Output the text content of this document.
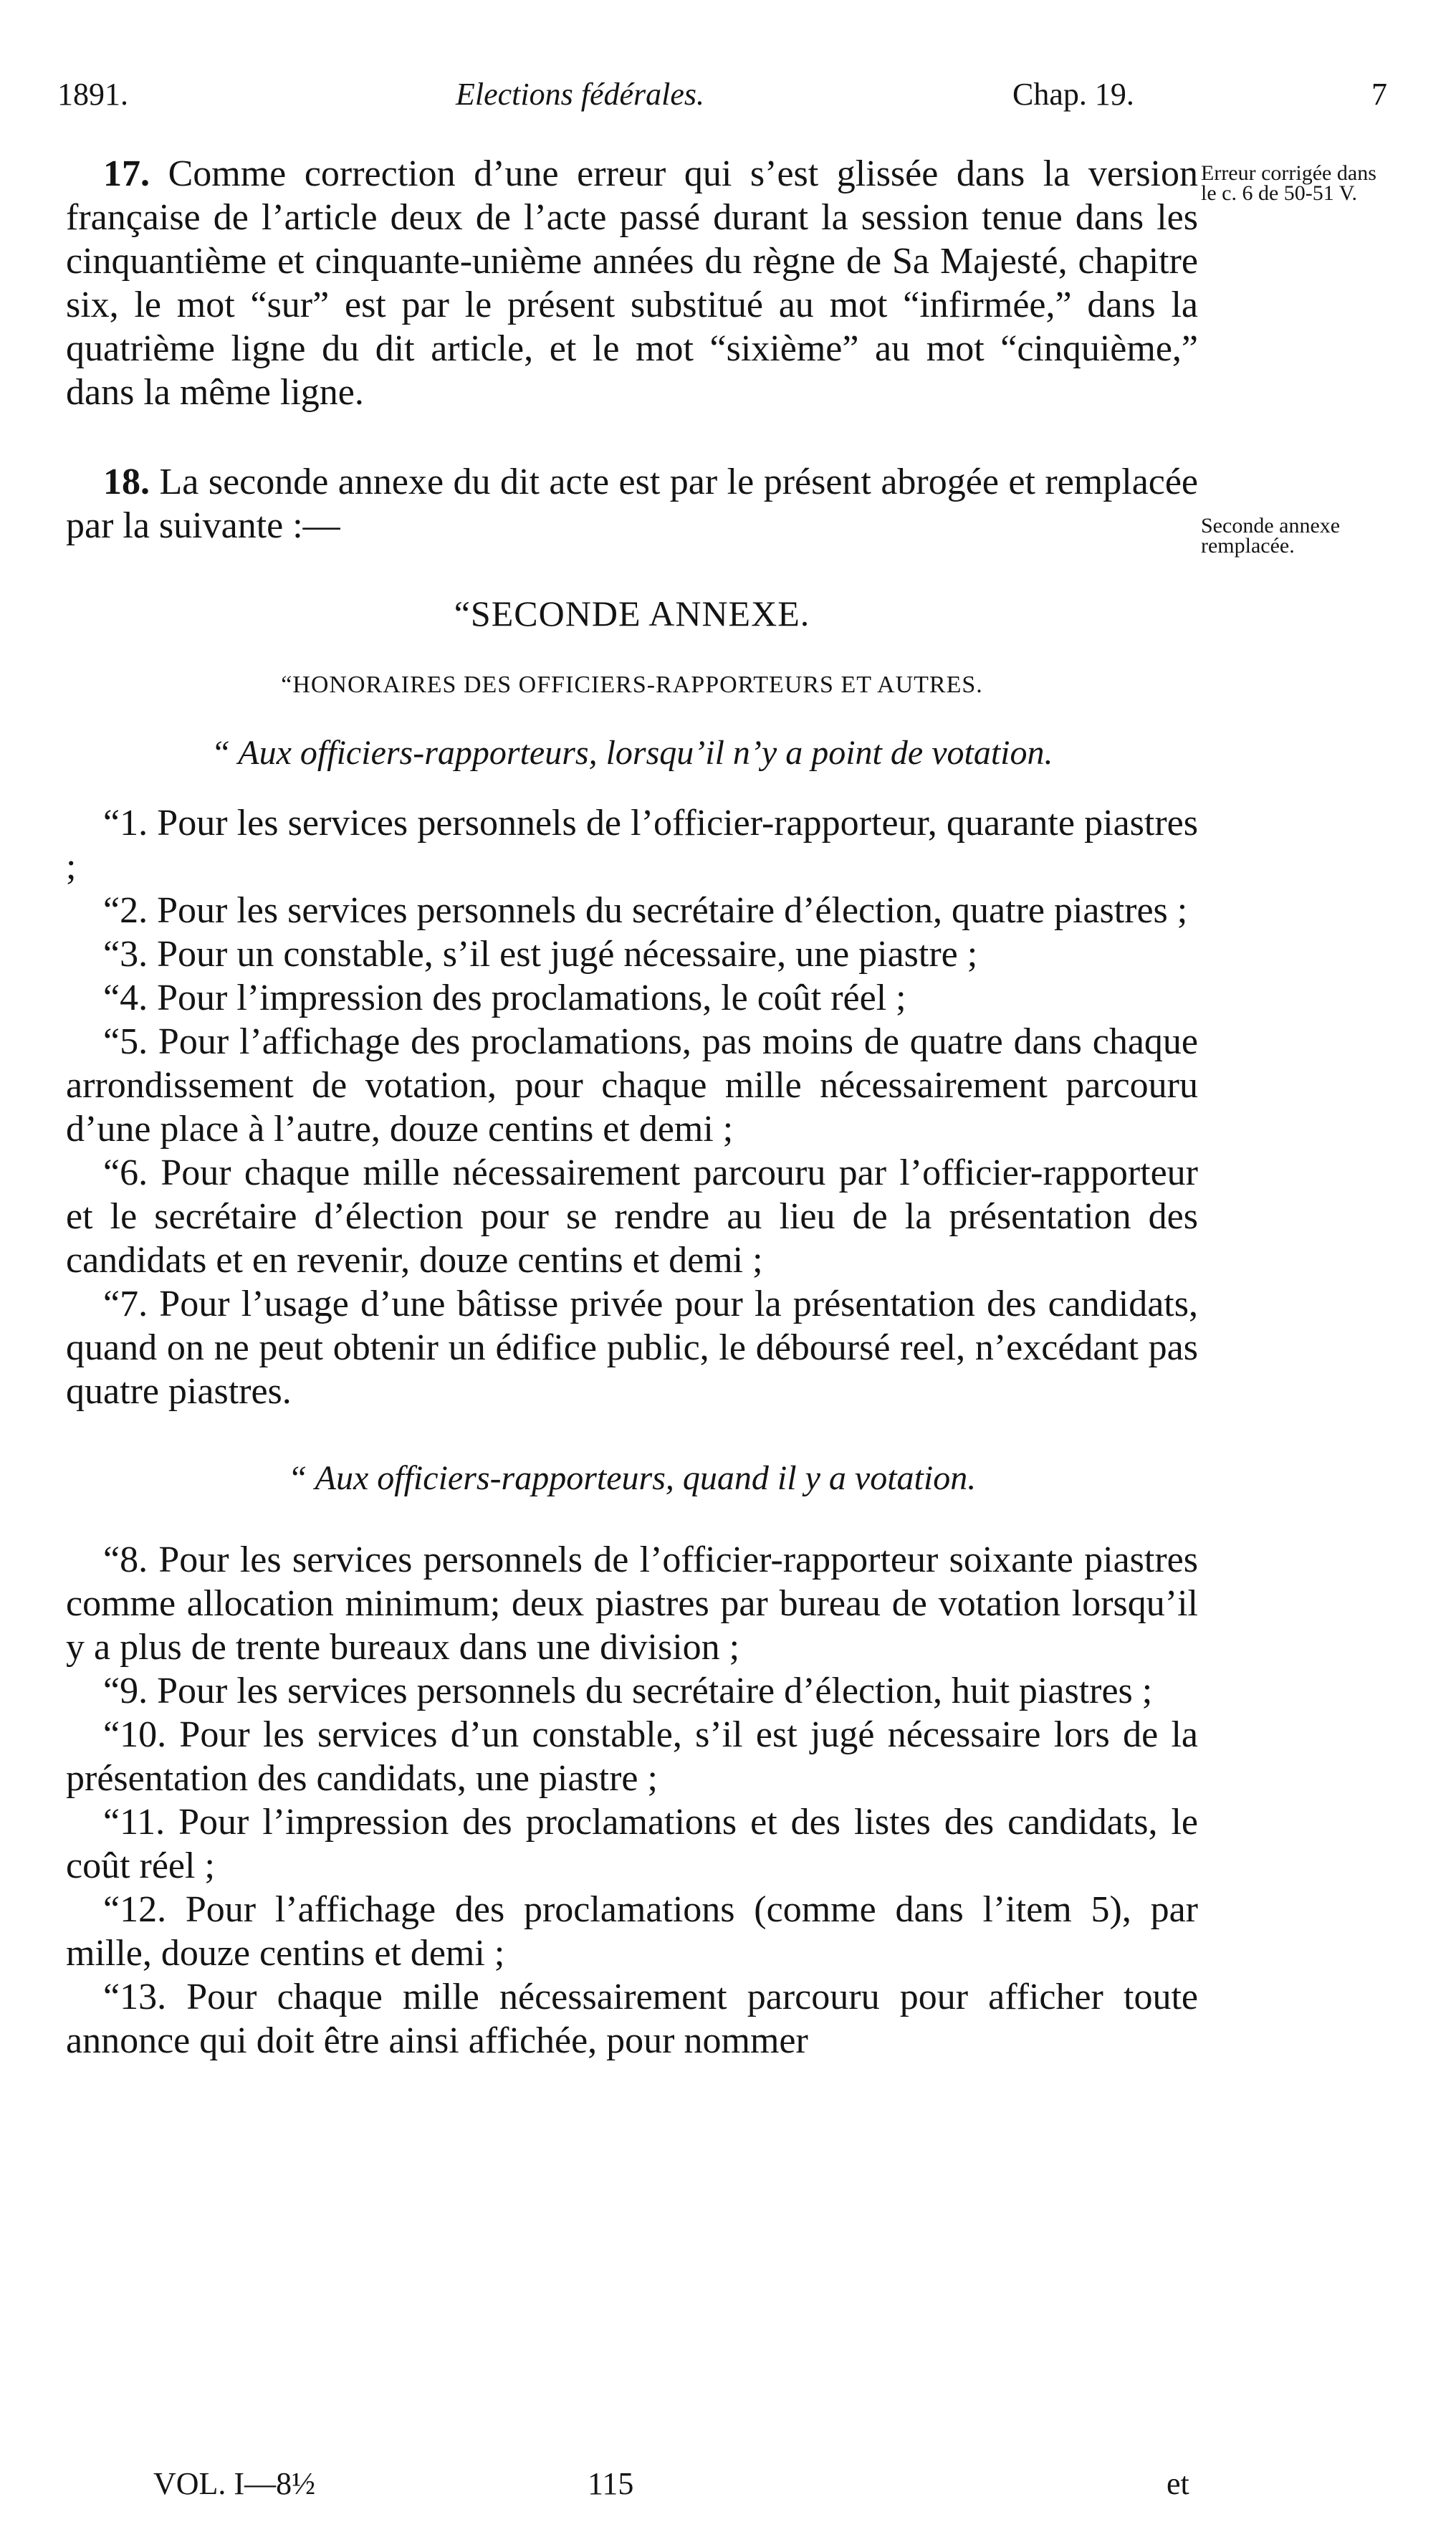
1891.	Elections fédérales.	Chap. 19.	7
Erreur corrigée dans le c. 6 de 50-51 V.
Seconde annexe remplacée.

17. Comme correction d’une erreur qui s’est glissée dans la version française de l’article deux de l’acte passé durant la session tenue dans les cinquantième et cinquante-unième années du règne de Sa Majesté, chapitre six, le mot “sur” est par le présent substitué au mot “infirmée,” dans la quatrième ligne du dit article, et le mot “sixième” au mot “cinquième,” dans la même ligne.

18. La seconde annexe du dit acte est par le présent abrogée et remplacée par la suivante :—

“SECONDE ANNEXE.
“HONORAIRES DES OFFICIERS-RAPPORTEURS ET AUTRES.
“ Aux officiers-rapporteurs, lorsqu’il n’y a point de votation.

“1. Pour les services personnels de l’officier-rapporteur, quarante piastres ;

“2. Pour les services personnels du secrétaire d’élection, quatre piastres ;

“3. Pour un constable, s’il est jugé nécessaire, une piastre ;

“4. Pour l’impression des proclamations, le coût réel ;

“5. Pour l’affichage des proclamations, pas moins de quatre dans chaque arrondissement de votation, pour chaque mille nécessairement parcouru d’une place à l’autre, douze centins et demi ;

“6. Pour chaque mille nécessairement parcouru par l’officier-rapporteur et le secrétaire d’élection pour se rendre au lieu de la présentation des candidats et en revenir, douze centins et demi ;

“7. Pour l’usage d’une bâtisse privée pour la présentation des candidats, quand on ne peut obtenir un édifice public, le déboursé reel, n’excédant pas quatre piastres.

“ Aux officiers-rapporteurs, quand il y a votation.

“8. Pour les services personnels de l’officier-rapporteur soixante piastres comme allocation minimum; deux piastres par bureau de votation lorsqu’il y a plus de trente bureaux dans une division ;

“9. Pour les services personnels du secrétaire d’élection, huit piastres ;

“10. Pour les services d’un constable, s’il est jugé nécessaire lors de la présentation des candidats, une piastre ;

“11. Pour l’impression des proclamations et des listes des candidats, le coût réel ;

“12. Pour l’affichage des proclamations (comme dans l’item 5), par mille, douze centins et demi ;

“13. Pour chaque mille nécessairement parcouru pour afficher toute annonce qui doit être ainsi affichée, pour nommer

VOL. I—8½	115	et
